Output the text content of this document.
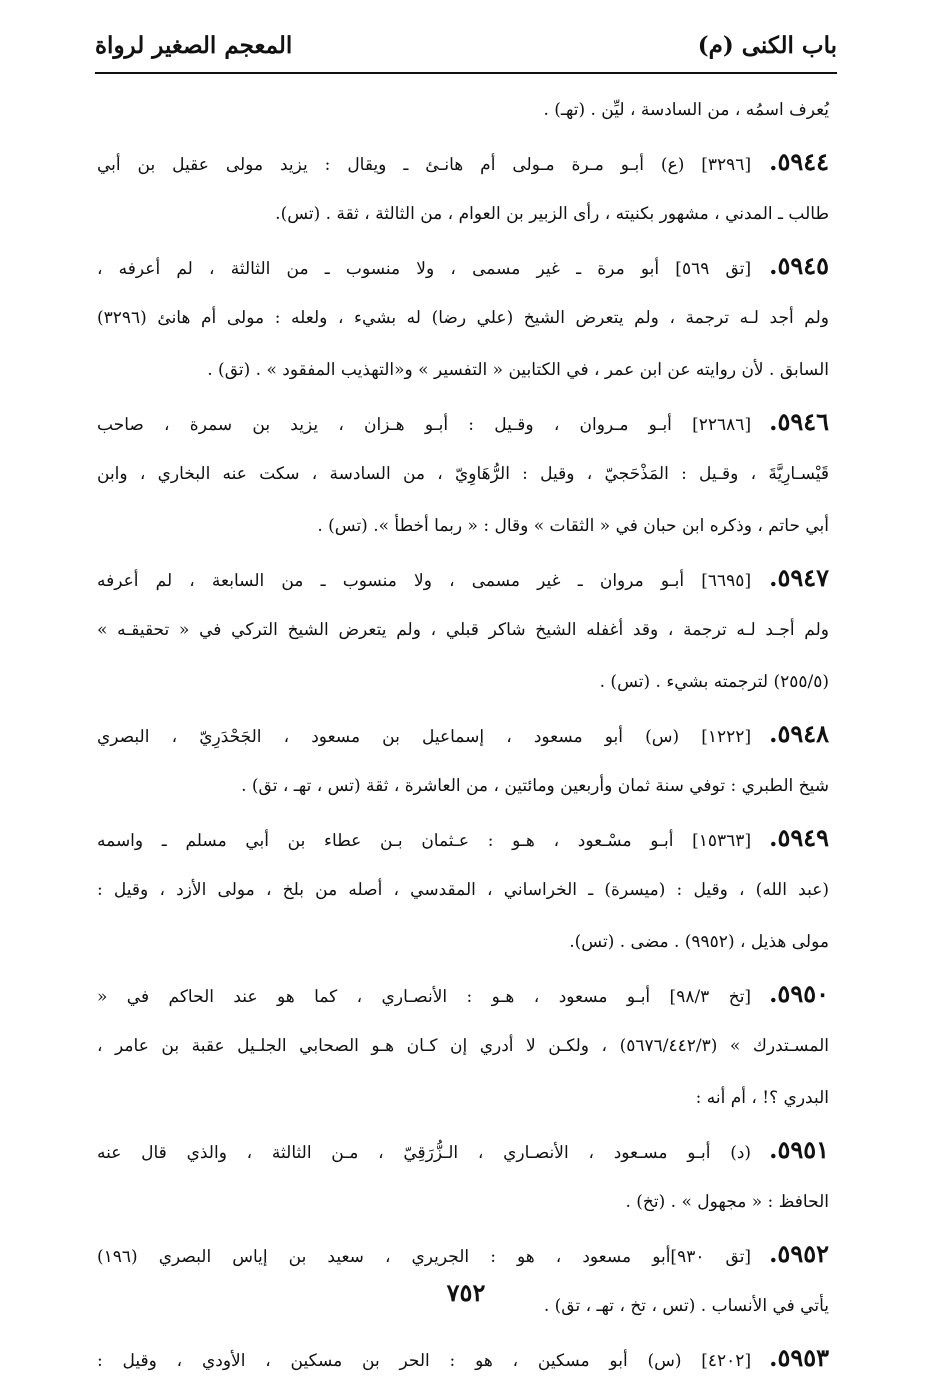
باب الكنى (م)
المعجم الصغير لرواة
يُعرف اسمُه ، من السادسة ، ليِّن . (تهـ) .
٥٩٤٤.[٣٢٩٦] (ع) أبـو مـرة مـولى أم هانـئ ـ ويقال : يزيد مولى عقيل بن أبي
طالب ـ المدني ، مشهور بكنيته ، رأى الزبير بن العوام ، من الثالثة ، ثقة . (تس).
٥٩٤٥.[تق ٥٦٩] أبو مرة ـ غير مسمى ، ولا منسوب ـ من الثالثة ، لم أعرفه ،
ولم أجد لـه ترجمة ، ولم يتعرض الشيخ (علي رضا) له بشيء ، ولعله : مولى أم هانئ (٣٢٩٦)
السابق . لأن روايته عن ابن عمر ، في الكتابين « التفسير » و«التهذيب المفقود » . (تق) .
٥٩٤٦.[٢٢٦٨٦] أبـو مـروان ، وقـيل : أبـو هـزان ، يزيد بن سمرة ، صاحب
قَيْسـارِيَّةَ ، وقـيل : المَذْحَجيّ ، وقيل : الرُّهَاوِيّ ، من السادسة ، سكت عنه البخاري ، وابن
أبي حاتم ، وذكره ابن حبان في « الثقات » وقال : « ربما أخطأ ». (تس) .
٥٩٤٧.[٦٦٩٥] أبـو مروان ـ غير مسمى ، ولا منسوب ـ من السابعة ، لم أعرفه
ولم أجـد لـه ترجمة ، وقد أغفله الشيخ شاكر قبلي ، ولم يتعرض الشيخ التركي في « تحقيقـه »
(٢٥٥/٥) لترجمته بشيء . (تس) .
٥٩٤٨.[١٢٢٢] (س) أبو مسعود ، إسماعيل بن مسعود ، الجَحْدَرِيّ ، البصري
شيخ الطبري : توفي سنة ثمان وأربعين ومائتين ، من العاشرة ، ثقة (تس ، تهـ ، تق) .
٥٩٤٩.[١٥٣٦٣] أبـو مسْـعود ، هـو : عـثمان بـن عطاء بن أبي مسلم ـ واسمه
(عبد الله) ، وقيل : (ميسرة) ـ الخراساني ، المقدسي ، أصله من بلخ ، مولى الأزد ، وقيل :
مولى هذيل ، (٩٩٥٢) . مضى . (تس).
٥٩٥٠.[تخ ٩٨/٣] أبـو مسعود ، هـو : الأنصـاري ، كما هو عند الحاكم في «
المسـتدرك » (٥٦٧٦/٤٤٢/٣) ، ولكـن لا أدري إن كـان هـو الصحابي الجلـيل عقبة بن عامر ،
البدري ؟! ، أم أنه :
٥٩٥١.(د) أبـو مسـعود ، الأنصـاري ، الـزُّرَقِيّ ، مـن الثالثة ، والذي قال عنه
الحافظ : « مجهول » . (تخ) .
٥٩٥٢.[تق ٩٣٠]أبو مسعود ، هو : الجريري ، سعيد بن إياس البصري (١٩٦)
يأتي في الأنساب . (تس ، تخ ، تهـ ، تق) .
٥٩٥٣.[٤٢٠٢] (س) أبو مسكين ، هو : الحر بن مسكين ، الأودي ، وقيل :
٧٥٢
